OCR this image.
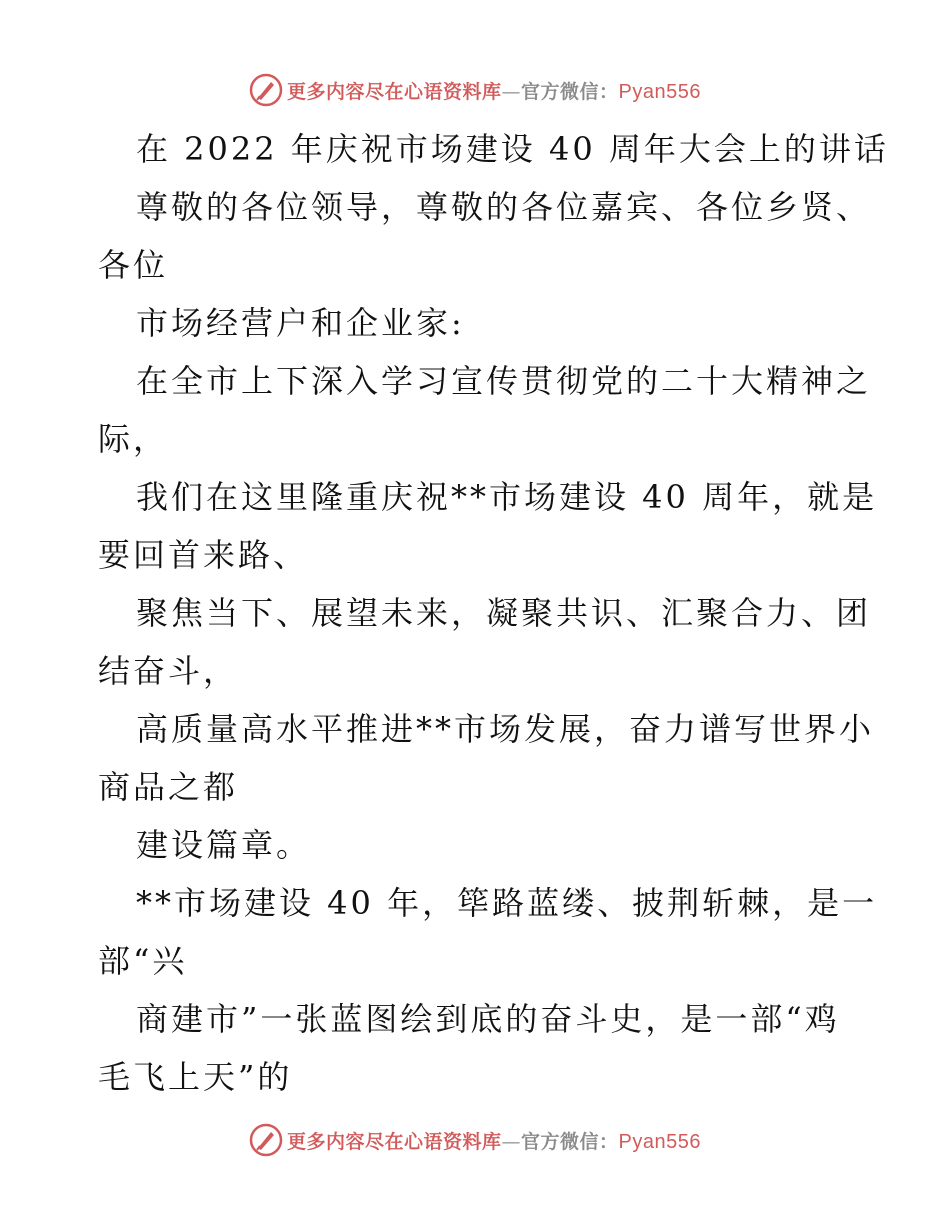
更多内容尽在心语资料库 — 官方微信： Pyan556
在 2022 年庆祝市场建设 40 周年大会上的讲话
尊敬的各位领导，尊敬的各位嘉宾、各位乡贤、
各位
市场经营户和企业家:
在全市上下深入学习宣传贯彻党的二十大精神之
际，
我们在这里隆重庆祝**市场建设 40 周年，就是
要回首来路、
聚焦当下、展望未来，凝聚共识、汇聚合力、团
结奋斗，
高质量高水平推进**市场发展，奋力谱写世界小
商品之都
建设篇章。
**市场建设 40 年，筚路蓝缕、披荆斩棘，是一
部“兴
商建市”一张蓝图绘到底的奋斗史，是一部“鸡
毛飞上天”的
更多内容尽在心语资料库 — 官方微信： Pyan556
